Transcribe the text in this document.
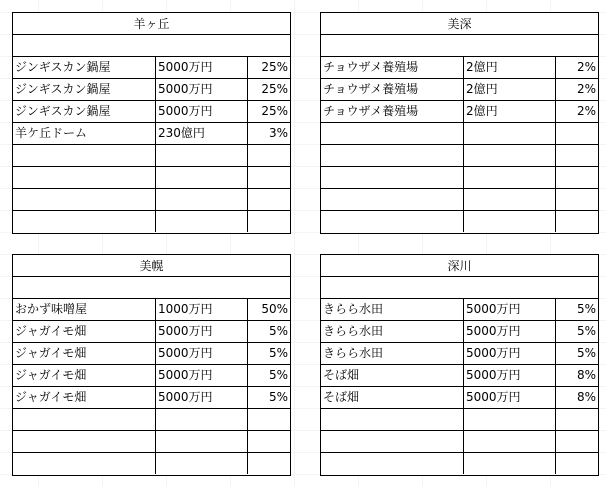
羊ヶ丘
ジンギスカン鍋屋	5000万円	25%
ジンギスカン鍋屋	5000万円	25%
ジンギスカン鍋屋	5000万円	25%
羊ケ丘ドーム	230億円	3%
美深
チョウザメ養殖場	2億円	2%
チョウザメ養殖場	2億円	2%
チョウザメ養殖場	2億円	2%
美幌
おかず味噌屋	1000万円	50%
ジャガイモ畑	5000万円	5%
ジャガイモ畑	5000万円	5%
ジャガイモ畑	5000万円	5%
ジャガイモ畑	5000万円	5%
深川
きらら水田	5000万円	5%
きらら水田	5000万円	5%
きらら水田	5000万円	5%
そば畑	5000万円	8%
そば畑	5000万円	8%
